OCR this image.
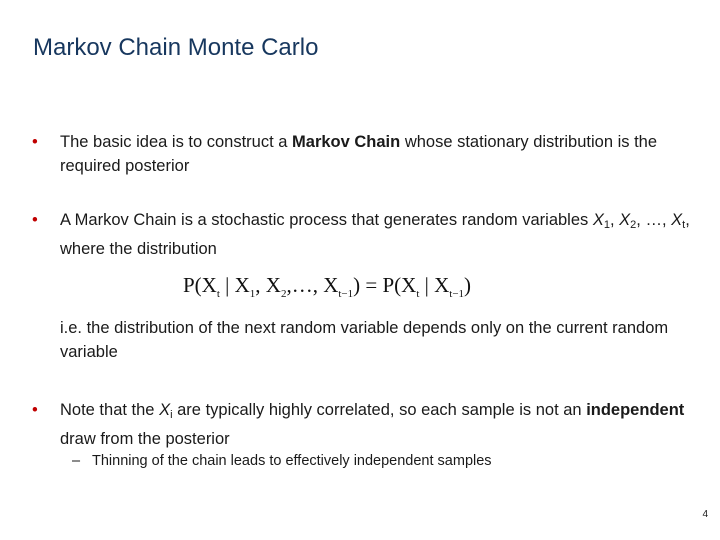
Markov Chain Monte Carlo
• The basic idea is to construct a Markov Chain whose stationary distribution is the required posterior
• A Markov Chain is a stochastic process that generates random variables $X_1$, $X_2$, …, $X_t$, where the distribution
$P(X_t$ | $X_1$, $X_2,\dots$, $X_{t-1}) = P(X_t$ | $X_{t-1}$)
i.e. the distribution of the next random variable depends only on the current random variable
• Note that the $X_i$ are typically highly correlated, so each sample is not an independent draw from the posterior
– Thinning of the chain leads to effectively independent samples
4
